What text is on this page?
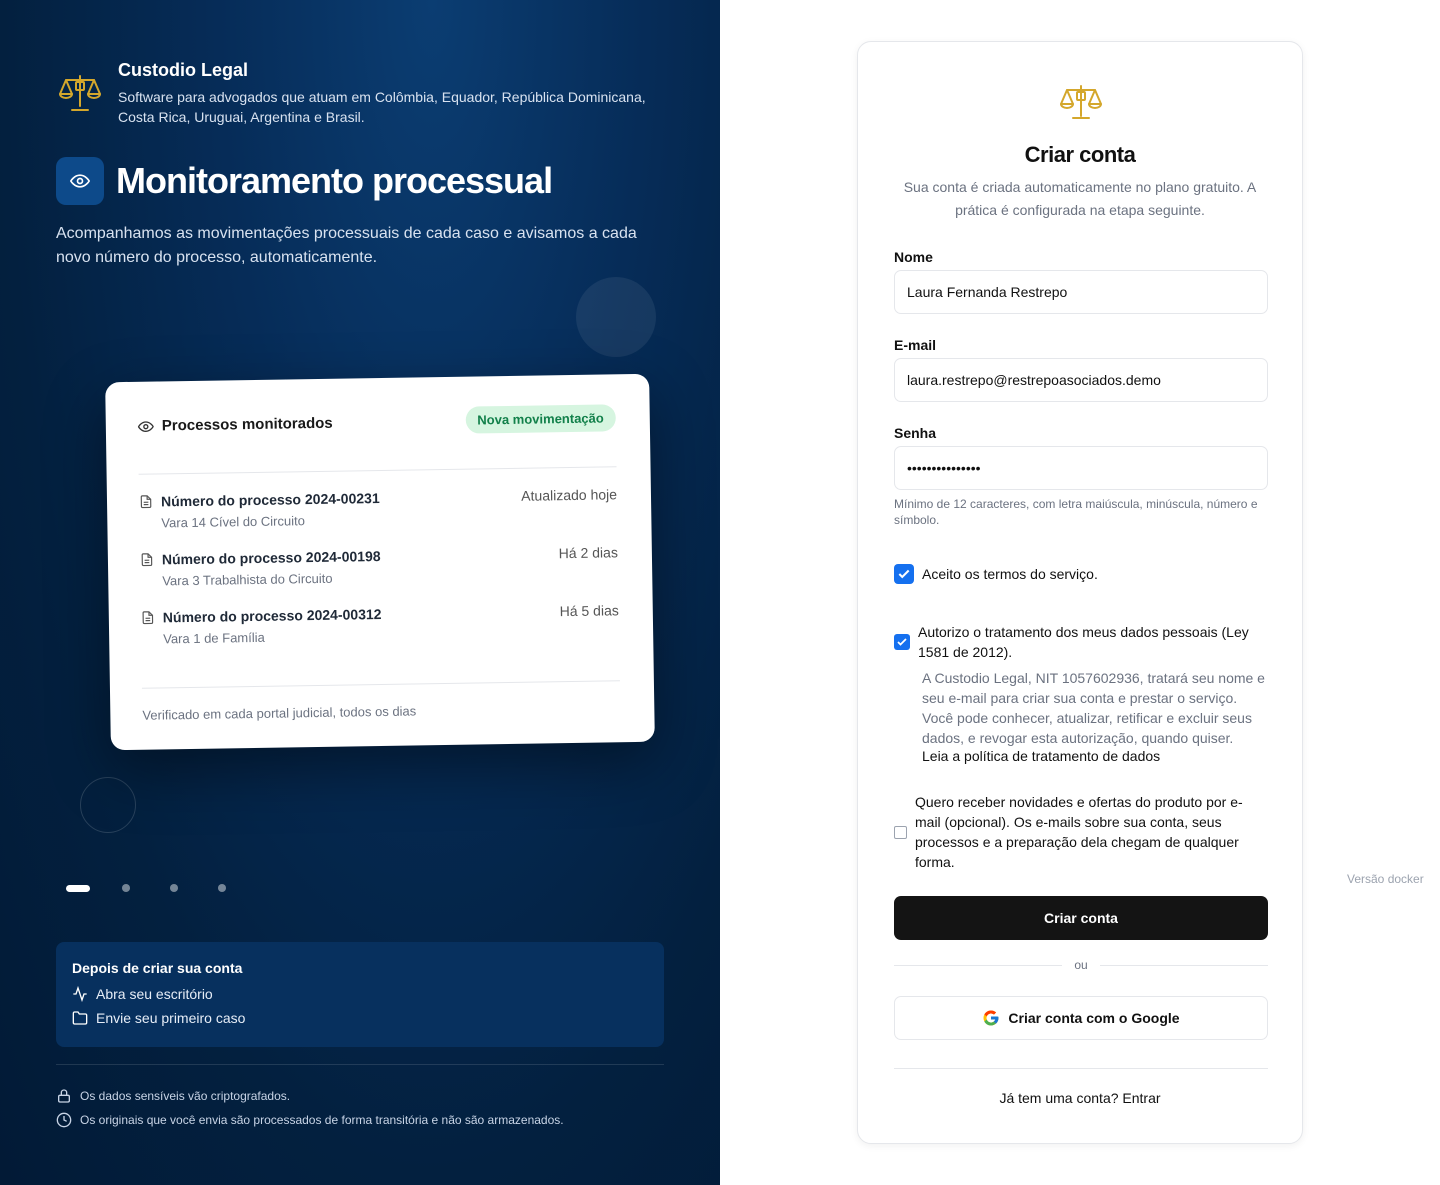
Custodio Legal
Software para advogados que atuam em Colômbia, Equador, República Dominicana, Costa Rica, Uruguai, Argentina e Brasil.
Monitoramento processual
Acompanhamos as movimentações processuais de cada caso e avisamos a cada novo número do processo, automaticamente.
Processos monitorados	Nova movimentação
Número do processo 2024-00231	Atualizado hoje
Vara 14 Cível do Circuito
Número do processo 2024-00198	Há 2 dias
Vara 3 Trabalhista do Circuito
Número do processo 2024-00312	Há 5 dias
Vara 1 de Família
Verificado em cada portal judicial, todos os dias
Depois de criar sua conta
Abra seu escritório
Envie seu primeiro caso
Os dados sensíveis vão criptografados.
Os originais que você envia são processados de forma transitória e não são armazenados.
Criar conta
Sua conta é criada automaticamente no plano gratuito. A prática é configurada na etapa seguinte.
Nome
Laura Fernanda Restrepo
E-mail
laura.restrepo@restrepoasociados.demo
Senha
•••••••••••••••
Mínimo de 12 caracteres, com letra maiúscula, minúscula, número e símbolo.
Aceito os termos do serviço.
Autorizo o tratamento dos meus dados pessoais (Ley 1581 de 2012).
A Custodio Legal, NIT 1057602936, tratará seu nome e seu e-mail para criar sua conta e prestar o serviço. Você pode conhecer, atualizar, retificar e excluir seus dados, e revogar esta autorização, quando quiser.
Leia a política de tratamento de dados
Quero receber novidades e ofertas do produto por e-mail (opcional). Os e-mails sobre sua conta, seus processos e a preparação dela chegam de qualquer forma.
Criar conta
ou
Criar conta com o Google
Já tem uma conta? Entrar
Versão docker
